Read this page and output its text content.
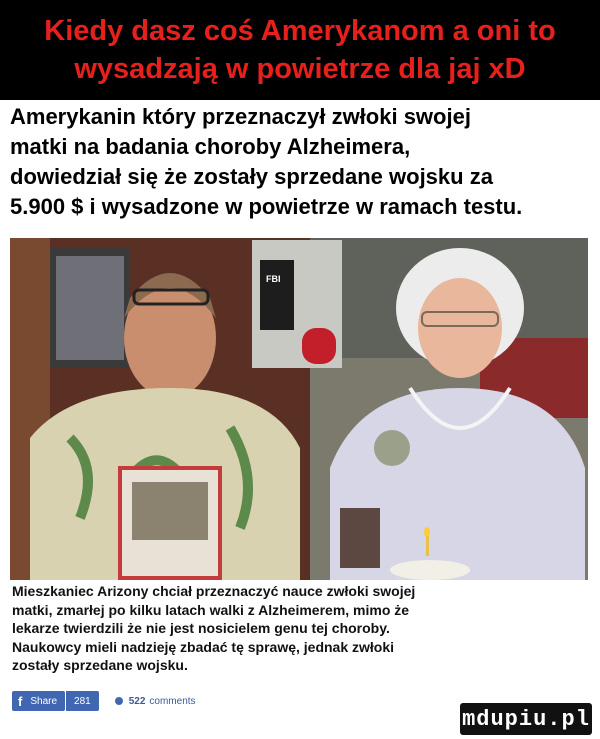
Kiedy dasz coś Amerykanom a oni to
wysadzają w powietrze dla jaj xD
Amerykanin który przeznaczył zwłoki swojej
matki na badania choroby Alzheimera,
dowiedział się że zostały sprzedane wojsku za
5.900 $ i wysadzone w powietrze w ramach testu.
FBI
Mieszkaniec Arizony chciał przeznaczyć nauce zwłoki swojej
matki, zmarłej po kilku latach walki z Alzheimerem, mimo że
lekarze twierdzili że nie jest nosicielem genu tej choroby.
Naukowcy mieli nadzieję zbadać tę sprawę, jednak zwłoki
zostały sprzedane wojsku.
f Share	281	522 comments
mdupiu.pl
